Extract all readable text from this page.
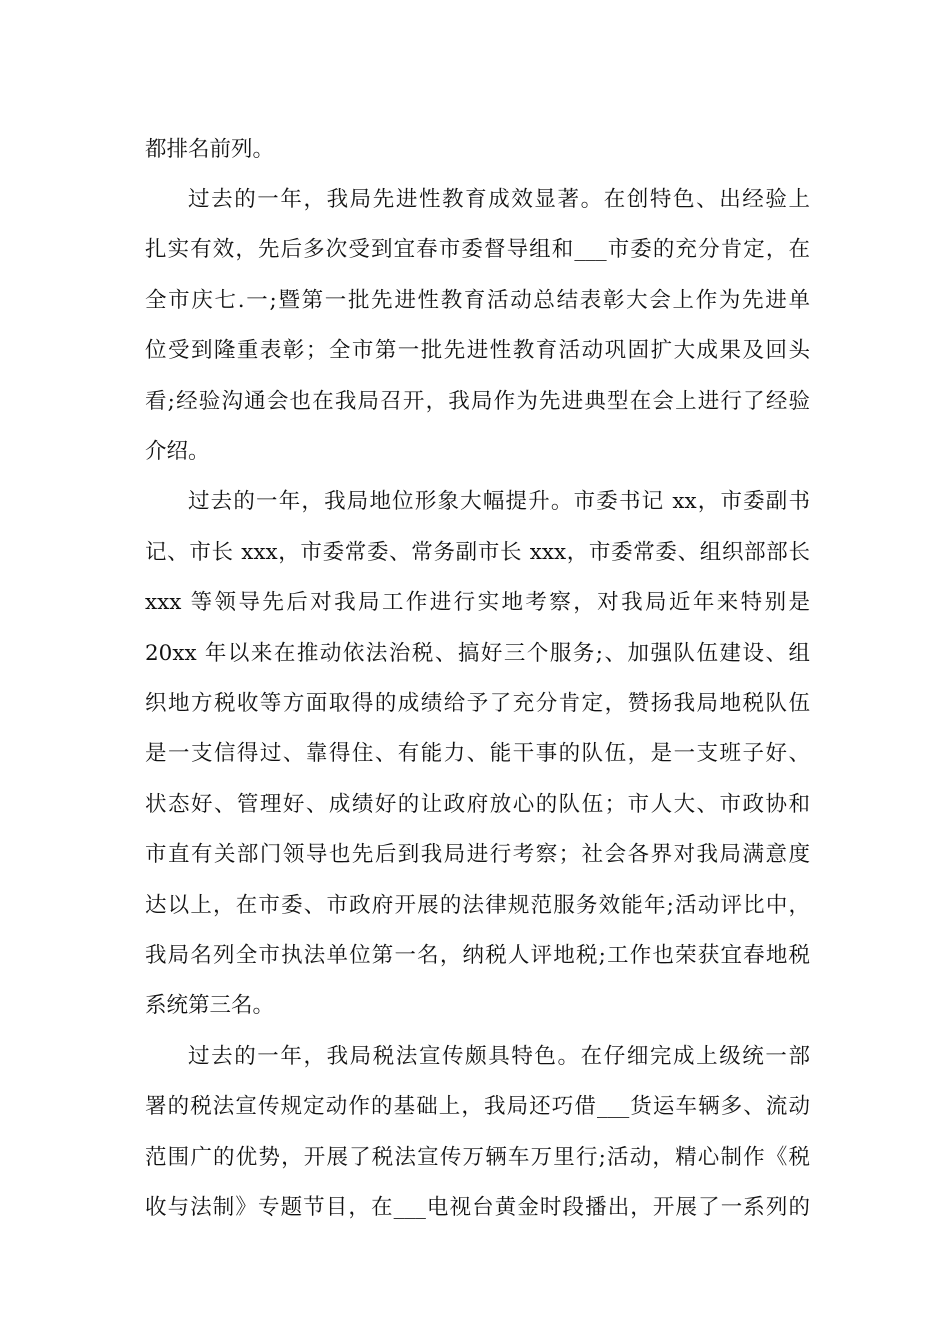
都排名前列。
过去的一年，我局先进性教育成效显著。在创特色、出经验上
扎实有效，先后多次受到宜春市委督导组和___市委的充分肯定，在
全市庆七.一;暨第一批先进性教育活动总结表彰大会上作为先进单
位受到隆重表彰；全市第一批先进性教育活动巩固扩大成果及回头
看;经验沟通会也在我局召开，我局作为先进典型在会上进行了经验
介绍。
过去的一年，我局地位形象大幅提升。市委书记 xx，市委副书
记、市长 xxx，市委常委、常务副市长 xxx，市委常委、组织部部长
xxx 等领导先后对我局工作进行实地考察，对我局近年来特别是
20xx 年以来在推动依法治税、搞好三个服务;、加强队伍建设、组
织地方税收等方面取得的成绩给予了充分肯定，赞扬我局地税队伍
是一支信得过、靠得住、有能力、能干事的队伍，是一支班子好、
状态好、管理好、成绩好的让政府放心的队伍；市人大、市政协和
市直有关部门领导也先后到我局进行考察；社会各界对我局满意度
达以上，在市委、市政府开展的法律规范服务效能年;活动评比中，
我局名列全市执法单位第一名，纳税人评地税;工作也荣获宜春地税
系统第三名。
过去的一年，我局税法宣传颇具特色。在仔细完成上级统一部
署的税法宣传规定动作的基础上，我局还巧借___货运车辆多、流动
范围广的优势，开展了税法宣传万辆车万里行;活动，精心制作《税
收与法制》专题节目，在___电视台黄金时段播出，开展了一系列的
